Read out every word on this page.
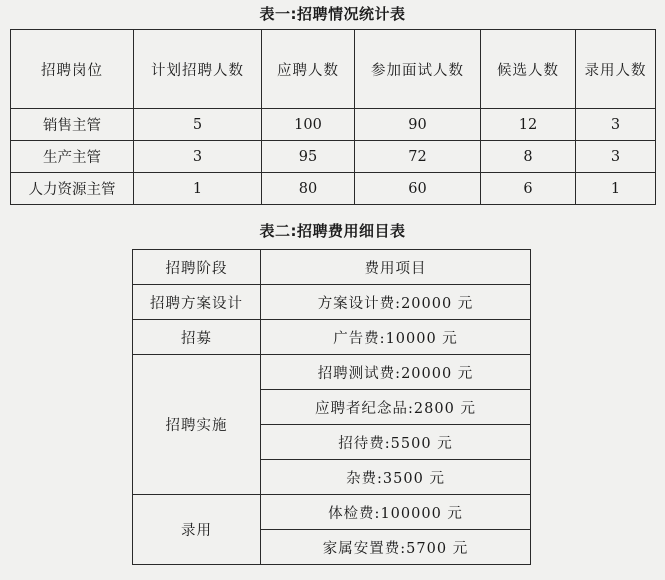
表一:招聘情况统计表
招聘岗位	计划招聘人数	应聘人数	参加面试人数	候选人数	录用人数
销售主管	5	100	90	12	3
生产主管	3	95	72	8	3
人力资源主管	1	80	60	6	1
表二:招聘费用细目表
招聘阶段	费用项目
招聘方案设计	方案设计费:20000 元
招募	广告费:10000 元
招聘实施	招聘测试费:20000 元
	应聘者纪念品:2800 元
	招待费:5500 元
	杂费:3500 元
录用	体检费:100000 元
	家属安置费:5700 元
